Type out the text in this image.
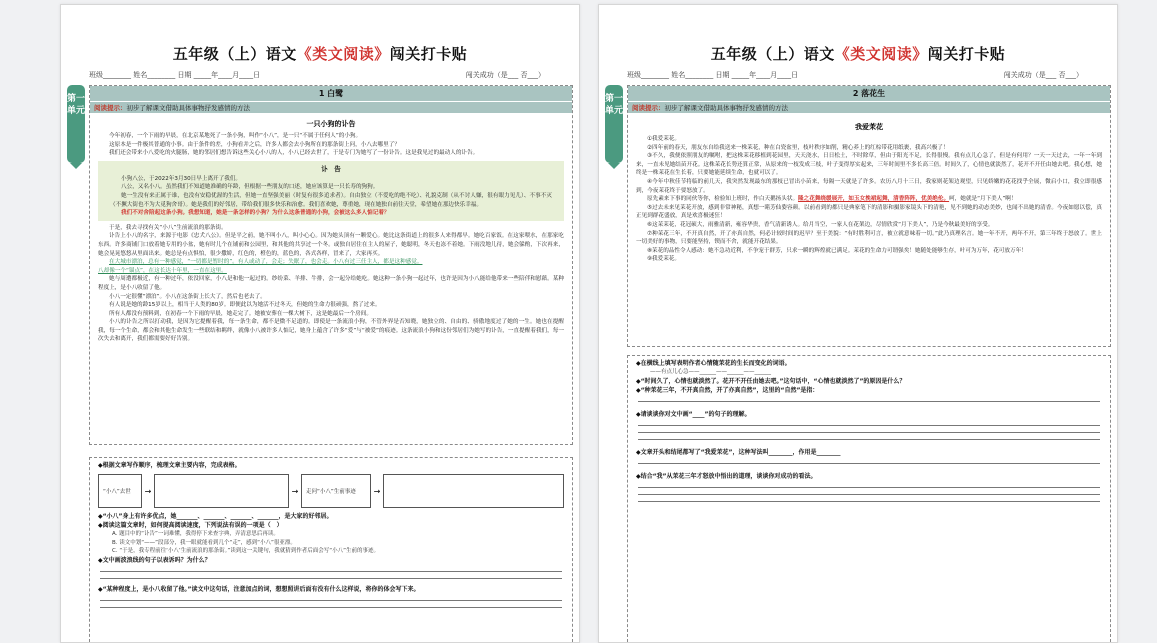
五年级（上）语文《类文阅读》闯关打卡贴
班级________ 姓名________ 日期 _____年____月____日	闯关成功（是___ 否___）
第一单元
1 白鹭
阅读提示：初步了解课文借助具体事物抒发感情的方法
一只小狗的讣告

今年初春，一个下雨的早晨，在北京某地死了一条小狗，叫作“小八”，是一只“不属于任何人”的小狗。

这原本是一件极其普通的小事。由于条件的差，小狗看并之后，许多人都会去小狗所在的那条街上问，小八去哪里了？

我们还会带来小八爱吃的火腿肠，她的邻居们想告诉这些关心小八的人，小八已经去世了，于是专门为她写了一份讣告。这是我见过的最动人的讣告。

讣　告

小狗八公，于2022年3月30日早上离开了我们。

八公，又名小八。虽然我们不知道她准确的年龄，但根据一些朋友的口述，她应该算是一只长寿的狗狗。

她一生没有来正属于谁，也没有安稳优渥的生活，但她一直坚强美丽（时复有很多追求者）。自由独立（不爱吃的绝不吃）、礼貌克制（从不讨人嫌，很有眼力见儿）、不事不灭（不撅大街也不为大觅狗舍哥）。她是我们的好邻居，带给我们很多快乐和治愈。我们喜欢她，尊重她，现在她独自前往天堂，希望她在那边快乐幸福。

我们不对舍陪起这条小狗。我想知道，她是一条怎样的小狗？为什么这条普通的小狗，会被这么多人惦记着？

于是，我去寻找有关“小八”生前流浪的那条街。

讣告上小八的名字，来源于电影《忠犬八公》。但是平之前，她不叫小八，叫小心心。因为她头顶有一颗爱心。她比这条街道上的很多人来得都早。她吃百家饭。在这家喂水，在那家吃东西。许多商铺门口放着她专用的小盆，她有时儿个在铺前和公园里，和其他的共享过一个冬。或独自居住在主人的屋子，她聪明，冬天也冻不着她。下雨没地儿待，她会躲酌，下次再来，她会晃晃悠悠从里面出来。她总是有点惧怕，很少撒娇，红色的，橙色的，蓝色的，各式各样，冒来了，大家再买。

在大城市漂泊，总有一种感觉，“一切都是暂时的”。有人或动了，会走；失眠了，也会走。小八有过三任主人，都是这种感觉。

八却像一个“锚点”，在这长达十年里，一直在这里。

她与周遭都极近，有一种过年，依没回家，小八是和他一起过的。纱纷菜、羊排、牛排，会一起分给她吃。她这种一条小狗一起过年，也许是因为小八能给他带来一些陪伴和慰藉。某种程度上，是小八收留了他。

小八一定很懂“漂泊”。小八在这条街上长大了，然后也老去了。

有人说是她的龄15岁以上，相当于人类的80岁。即便此以为她活不过冬天，但她的生命力很顽强，熬了过来。

所有人都没有预料到，在初春一个下雨的早晨，她走完了。她被安葬在一棵大树下，这是她最后一个房间。

小八的讣告之所以打动我，是因为它提醒着我，每一条生命，都不是微不足道的。即使是一条流浪小狗，不管外界是否知晓，她独立的、自由的、骄傲地度过了她的一生。她也在提醒我，每一个生命，都会和其他生命发生一些联结和羁绊，就像小八被许多人惦记，她身上蕴含了许多“爱”与“被爱”的痕迹。这条流浪小狗和这份邻居们为她写的讣告，一直提醒着我们，每一次失去和离开，我们都需要好好告别。

◆根据文章写作顺序，梳理文章主要内容，完成表格。

“小八”去世	→	→	走问“小八”生前事迹	→

◆“小八”身上有许多优点，她_______、_______、_______、_______，是大家的好邻居。

◆阅读这篇文章时，如何提高阅读速度，下列说法有误的一项是（　）

A. 题目中的“讣告”一词难懂，我得停下来查字典，弄清意思后再读。

B. 读文中划“——”段部分，我一眼就能看到几个“走”，感到“小八”很亚漂。

C. “于是，我专程前往‘小八’生前流浪的那条街。”读到这一关键句，我就猜到作者后面会写“小八”生前的事迹。

◆文中画波浪线的句子以表诉吗？为什么？

◆“某种程度上，是小八收留了他。”读文中这句话，注意加点的词，想想照讲后面有没有什么这样说，将你的体会写下来。

五年级（上）语文《类文阅读》闯关打卡贴
班级________ 姓名________ 日期 _____年____月____日	闯关成功（是___ 否___）
第一单元
2 落花生
阅读提示：初步了解课文借助具体事物抒发感情的方法
我爱茉花

①我爱茉花。

②四年前的春天，朋友东自给我送来一株茉花，种在白瓷盆里，枝叶秩序如削，精心养上的红棕带花用纸裹，我高兴极了！

③不久，我便依照朋友的嘱咐，把这株茉花移植到花园里，天天浇水，日日松土，不时除草，但由于阳光不足，长得很慢。我有点儿心急了，但是有何用？一天一天过去，一年一年到来，一直未见她结苗开花。这株茉花长势还算正常，从原来的一枝发成三枝，叶子变得厚实起来，三年时间里不多长高三倍。时间久了，心情也就淡然了，花开不开任由她去吧。我心想，她终是一株茉花在生长着，只要她能延续生命，也就可以了。

④今年中秋佳节将临的前几天，我突然发现最东的那枝已冒出小苗来，每隔一天就是了许多。农历八月十三日，我家则花架边观望，只见娇嫩的花花找乎全展，微启小口，我立即很感到，今夜茉花终于要怒放了。

原先素来下事的同伙等你，检验知上班时，作白天鹅扬头状。隆之花舞绕缓展开，如玉女挽裙起舞，清香阵阵，优美绝伦。呵，她就是“月下美人”啊！

⑤过去未来见茉花开放，感到非常神秘，真想一睹芳仙姿容颜。以前看到的都只是典家笔下的清影和摄影家镜头下的清艳，见不到她的动态美妙，也闻不出她的清香。今夜如愿以偿，真正见到群花盛放，真是欢喜极迷狂！

⑥这茉茉花，花冠硕大，雨雅清新，雍容华贵，香气清新诱人。给月当空，一家人在花架边，尽情欣赏“月下美人”，乃是今秋最美好的享受。

⑦种茉花三年，不开真自然，开了亦真自然，何必计较时间的迟早？至于美貌：“有时胜利可言，被立就意味着一切。”此乃真理名言。她一年不开，两年不开，第三年终于怒放了。世上一切美好的事物，只要能坚持，锲而不舍，就能开花结果。

⑧茉花的品性令人感动：她不急功近利，不争宠于群芳，只求一瞬的辉煌就已满足。茉花的生命力可谓强矣！她随处能够生存，叶可为万年，花可放万年！

⑨我爱茉花。

◆在横线上填写表明作者心情随茉花的生长而变化的词语。

——有点儿心急——______——______——______

◆“时间久了，心情也就淡然了。花开不开任由她去吧。”这句话中，“心情也就淡然了”的原因是什么？

◆“种茉花三年，不开真自然，开了亦真自然”，这里的“自然”是指：

◆请谈谈你对文中画“____”的句子的理解。

◆文章开头和结尾都写了“我爱茉花”，这种写法叫________，作用是________

◆结合“我”从茉花三年才怒放中悟出的道理，谈谈你对成功的看法。
